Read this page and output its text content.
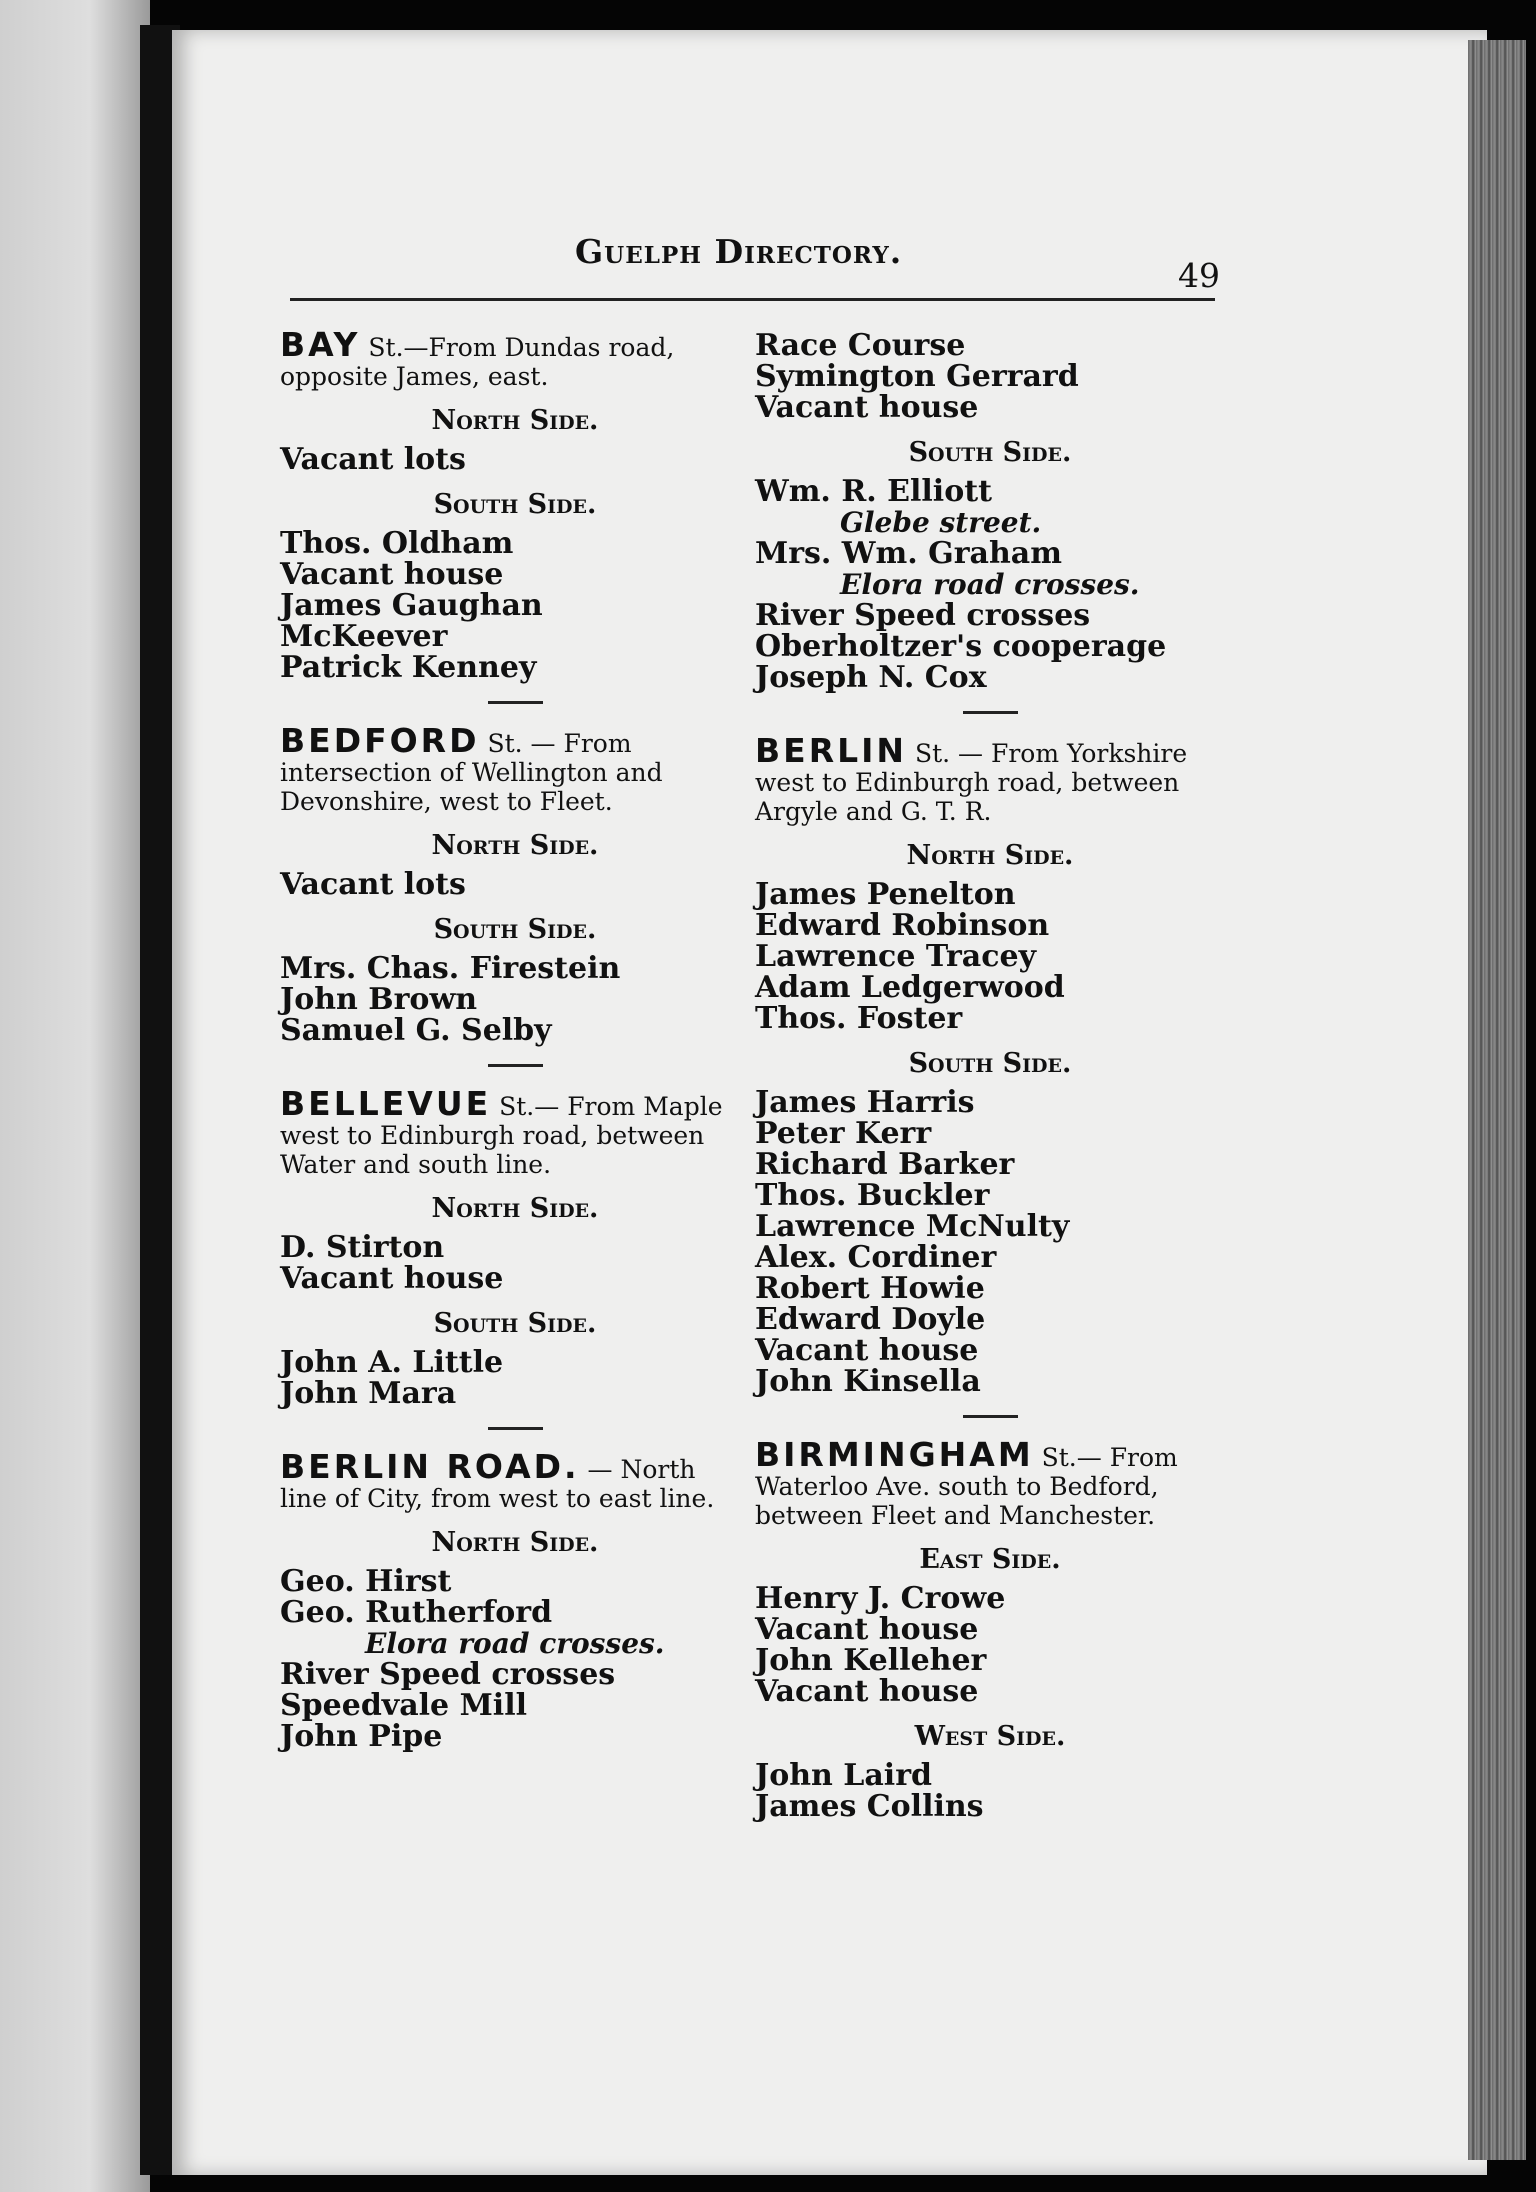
Guelph Directory.
49
BAY St.—From Dundas road, opposite James, east.
North Side.
Vacant lots
South Side.
Thos. Oldham
Vacant house
James Gaughan
McKeever
Patrick Kenney
BEDFORD St. — From intersection of Wellington and Devonshire, west to Fleet.
North Side.
Vacant lots
South Side.
Mrs. Chas. Firestein
John Brown
Samuel G. Selby
BELLEVUE St.— From Maple west to Edinburgh road, between Water and south line.
North Side.
D. Stirton
Vacant house
South Side.
John A. Little
John Mara
BERLIN ROAD. — North line of City, from west to east line.
North Side.
Geo. Hirst
Geo. Rutherford
Elora road crosses.
River Speed crosses
Speedvale Mill
John Pipe
Race Course
Symington Gerrard
Vacant house
South Side.
Wm. R. Elliott
Glebe street.
Mrs. Wm. Graham
Elora road crosses.
River Speed crosses
Oberholtzer's cooperage
Joseph N. Cox
BERLIN St. — From Yorkshire west to Edinburgh road, between Argyle and G. T. R.
North Side.
James Penelton
Edward Robinson
Lawrence Tracey
Adam Ledgerwood
Thos. Foster
South Side.
James Harris
Peter Kerr
Richard Barker
Thos. Buckler
Lawrence McNulty
Alex. Cordiner
Robert Howie
Edward Doyle
Vacant house
John Kinsella
BIRMINGHAM St.— From Waterloo Ave. south to Bedford, between Fleet and Manchester.
East Side.
Henry J. Crowe
Vacant house
John Kelleher
Vacant house
West Side.
John Laird
James Collins
